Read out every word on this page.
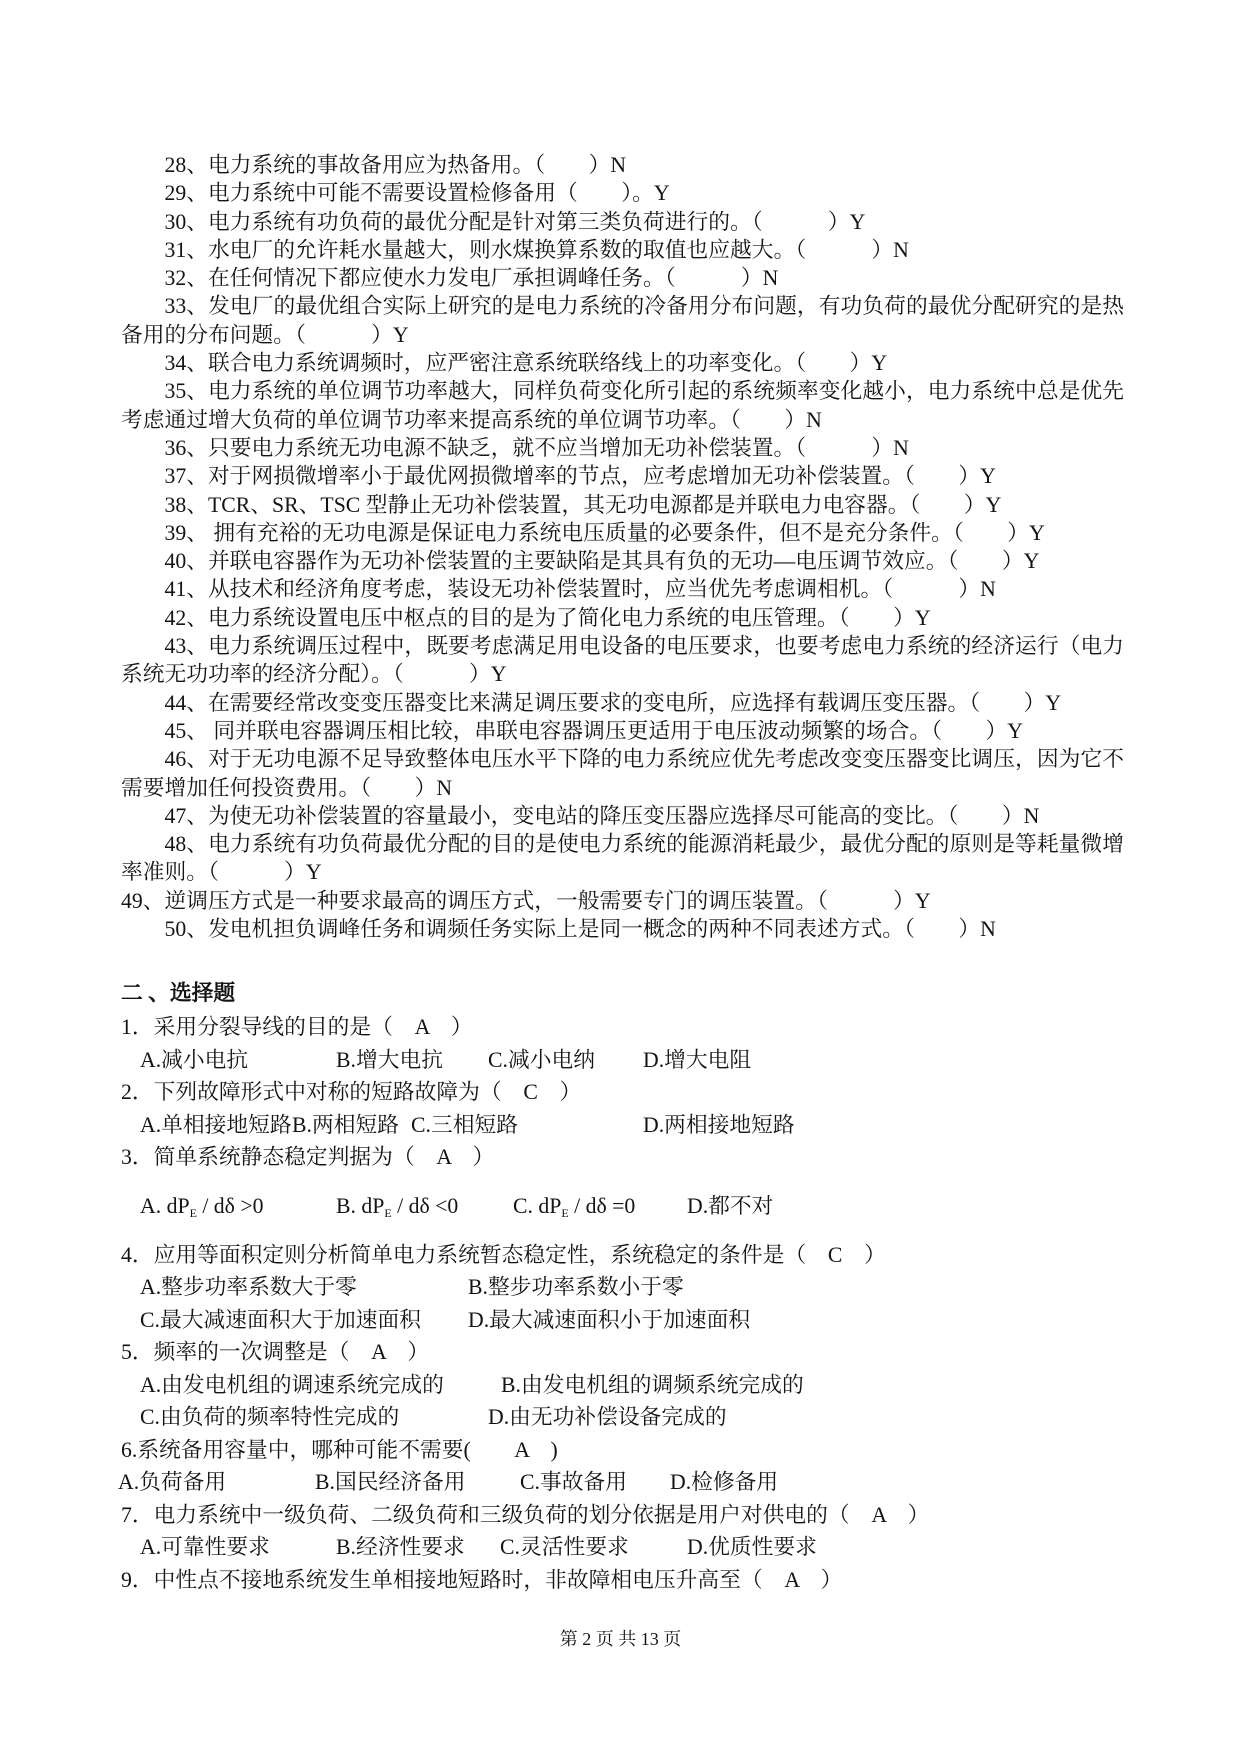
28、电力系统的事故备用应为热备用。（　　）N

29、电力系统中可能不需要设置检修备用（　　）。Y

30、电力系统有功负荷的最优分配是针对第三类负荷进行的。（　　　）Y

31、水电厂的允许耗水量越大，则水煤换算系数的取值也应越大。（　　　）N

32、在任何情况下都应使水力发电厂承担调峰任务。（　　　）N

33、发电厂的最优组合实际上研究的是电力系统的冷备用分布问题，有功负荷的最优分配研究的是热备用的分布问题。（　　　）Y

34、联合电力系统调频时，应严密注意系统联络线上的功率变化。（　　）Y

35、电力系统的单位调节功率越大，同样负荷变化所引起的系统频率变化越小，电力系统中总是优先考虑通过增大负荷的单位调节功率来提高系统的单位调节功率。（　　）N

36、只要电力系统无功电源不缺乏，就不应当增加无功补偿装置。（　　　）N

37、对于网损微增率小于最优网损微增率的节点，应考虑增加无功补偿装置。（　　）Y

38、TCR、SR、TSC 型静止无功补偿装置，其无功电源都是并联电力电容器。（　　）Y

39、 拥有充裕的无功电源是保证电力系统电压质量的必要条件，但不是充分条件。（　　）Y

40、并联电容器作为无功补偿装置的主要缺陷是其具有负的无功—电压调节效应。（　　）Y

41、从技术和经济角度考虑，装设无功补偿装置时，应当优先考虑调相机。（　　　）N

42、电力系统设置电压中枢点的目的是为了简化电力系统的电压管理。（　　）Y

43、电力系统调压过程中，既要考虑满足用电设备的电压要求，也要考虑电力系统的经济运行（电力系统无功功率的经济分配）。（　　　）Y

44、在需要经常改变变压器变比来满足调压要求的变电所，应选择有载调压变压器。（　　）Y

45、 同并联电容器调压相比较，串联电容器调压更适用于电压波动频繁的场合。（　　）Y

46、对于无功电源不足导致整体电压水平下降的电力系统应优先考虑改变变压器变比调压，因为它不需要增加任何投资费用。（　　）N

47、为使无功补偿装置的容量最小，变电站的降压变压器应选择尽可能高的变比。（　　）N

48、电力系统有功负荷最优分配的目的是使电力系统的能源消耗最少，最优分配的原则是等耗量微增率准则。（　　　）Y

49、逆调压方式是一种要求最高的调压方式，一般需要专门的调压装置。（　　　）Y

50、发电机担负调峰任务和调频任务实际上是同一概念的两种不同表述方式。（　　）N

二 、选择题

1．采用分裂导线的目的是（　A　）
A.减小电抗	B.增大电抗 C.减小电纳 D.增大电阻
2．下列故障形式中对称的短路故障为（　C　）
A.单相接地短路 B.两相短路 C.三相短路	D.两相接地短路
3．简单系统静态稳定判据为（　A　）
A. $dP_E / d\delta >0$	B. $dP_E / d\delta <0$	C. $dP_E / d\delta =0$ D.都不对
4．应用等面积定则分析简单电力系统暂态稳定性，系统稳定的条件是（　C　）
A.整步功率系数大于零	B.整步功率系数小于零
C.最大减速面积大于加速面积 D.最大减速面积小于加速面积
5．频率的一次调整是（　A　）
A.由发电机组的调速系统完成的	B.由发电机组的调频系统完成的
C.由负荷的频率特性完成的	D.由无功补偿设备完成的
6.系统备用容量中，哪种可能不需要(　　A　)
A.负荷备用	B.国民经济备用	C.事故备用 D.检修备用
7．电力系统中一级负荷、二级负荷和三级负荷的划分依据是用户对供电的（　A　）
A.可靠性要求	B.经济性要求 C.灵活性要求	D.优质性要求
9．中性点不接地系统发生单相接地短路时，非故障相电压升高至（　A　）

第 2 页 共 13 页
